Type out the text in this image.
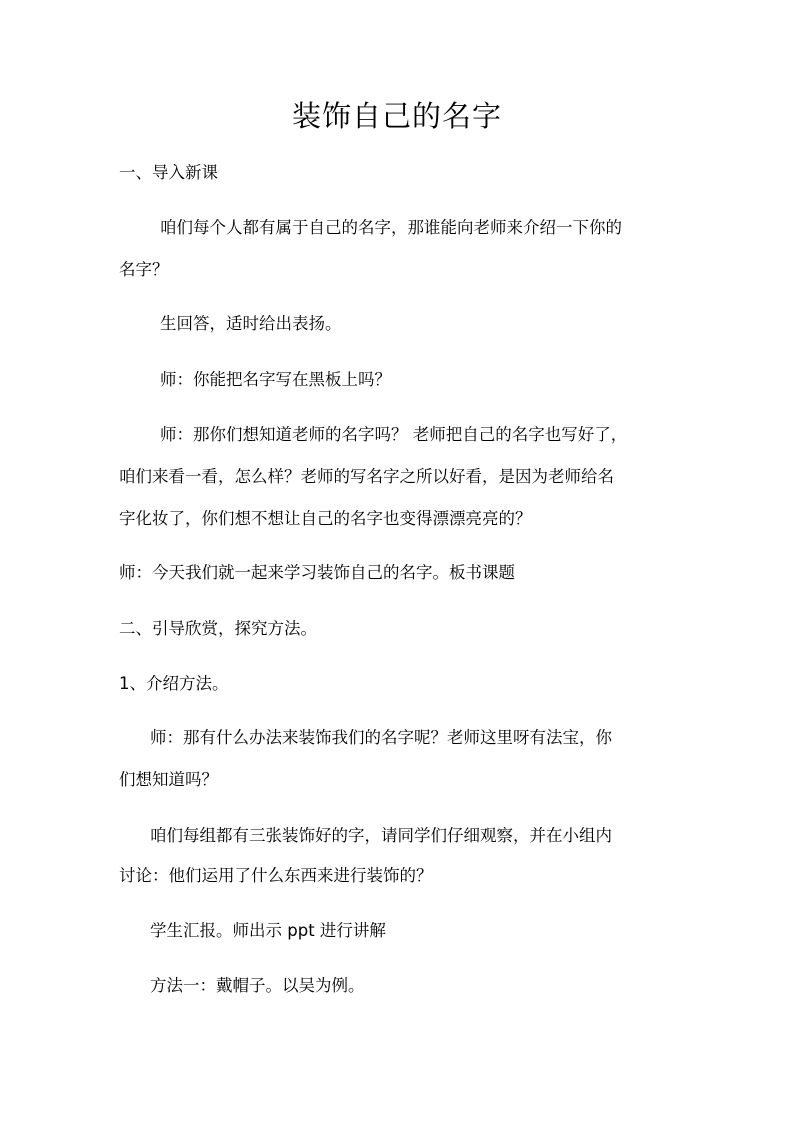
装饰自己的名字
一、导入新课
咱们每个人都有属于自己的名字，那谁能向老师来介绍一下你的
名字？
生回答，适时给出表扬。
师：你能把名字写在黑板上吗？
师：那你们想知道老师的名字吗？ 老师把自己的名字也写好了，
咱们来看一看，怎么样？老师的写名字之所以好看，是因为老师给名
字化妆了，你们想不想让自己的名字也变得漂漂亮亮的？
师：今天我们就一起来学习装饰自己的名字。板书课题
二、引导欣赏，探究方法。
1、介绍方法。
师：那有什么办法来装饰我们的名字呢？老师这里呀有法宝，你
们想知道吗？
咱们每组都有三张装饰好的字，请同学们仔细观察，并在小组内
讨论：他们运用了什么东西来进行装饰的？
学生汇报。师出示 ppt 进行讲解
方法一：戴帽子。以吴为例。
